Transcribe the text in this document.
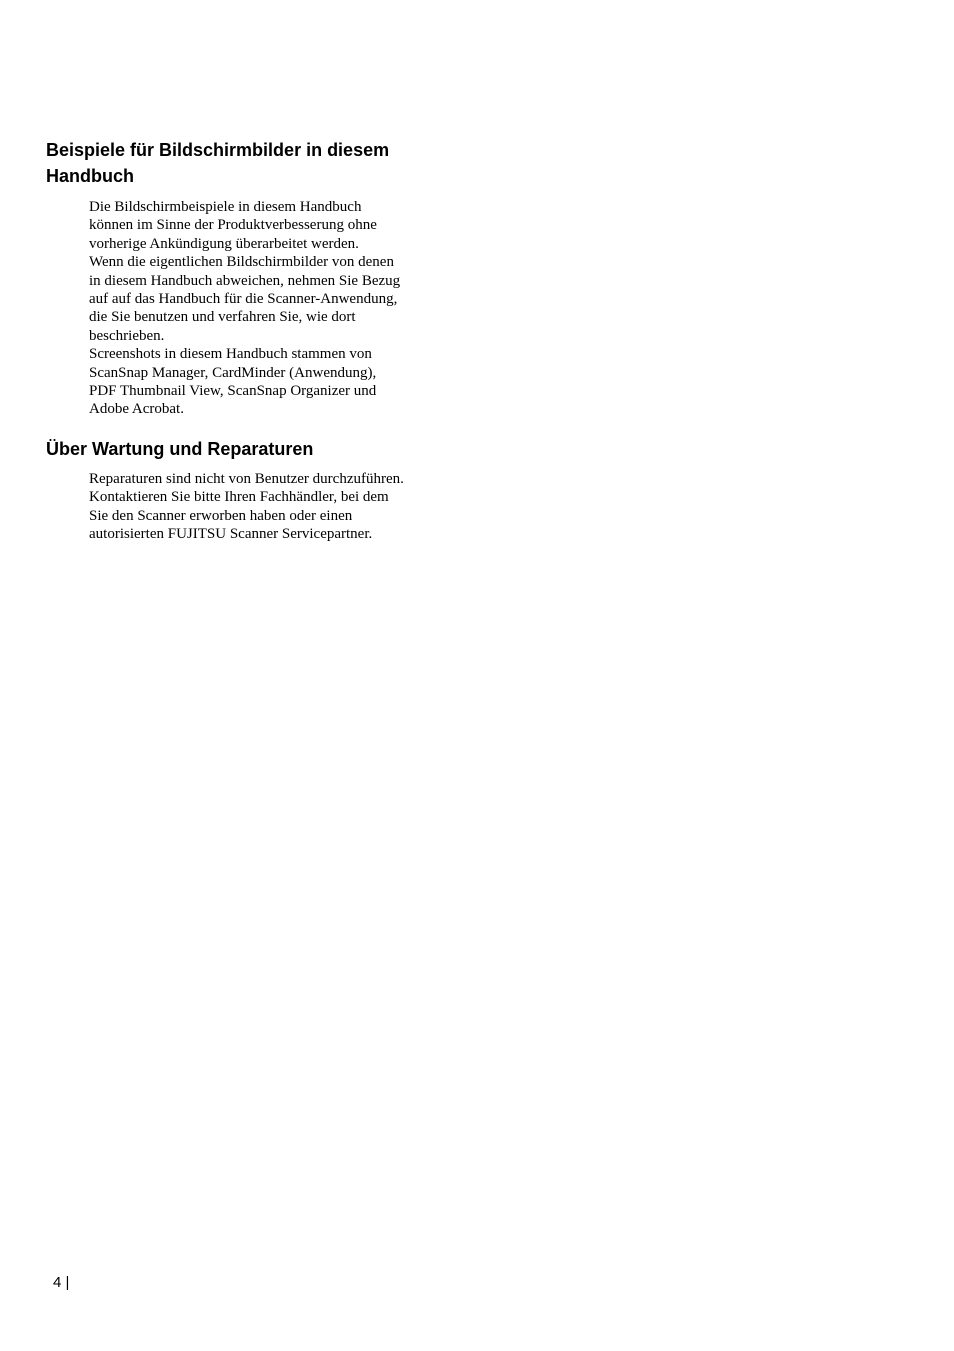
Beispiele für Bildschirmbilder in diesem
Handbuch
Die Bildschirmbeispiele in diesem Handbuch
können im Sinne der Produktverbesserung ohne
vorherige Ankündigung überarbeitet werden.
Wenn die eigentlichen Bildschirmbilder von denen
in diesem Handbuch abweichen, nehmen Sie Bezug
auf auf das Handbuch für die Scanner-Anwendung,
die Sie benutzen und verfahren Sie, wie dort
beschrieben.
Screenshots in diesem Handbuch stammen von
ScanSnap Manager, CardMinder (Anwendung),
PDF Thumbnail View, ScanSnap Organizer und
Adobe Acrobat.
Über Wartung und Reparaturen
Reparaturen sind nicht von Benutzer durchzuführen.
Kontaktieren Sie bitte Ihren Fachhändler, bei dem
Sie den Scanner erworben haben oder einen
autorisierten FUJITSU Scanner Servicepartner.
4 |
